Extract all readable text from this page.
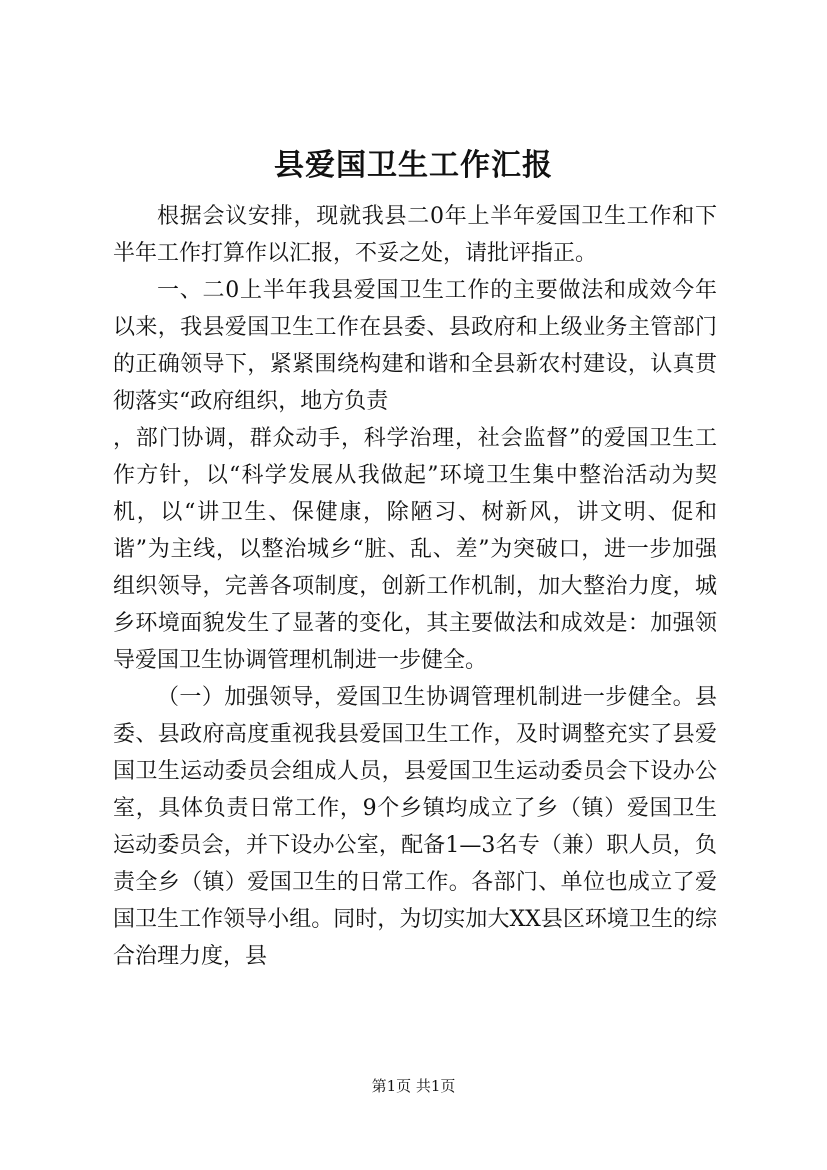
县爱国卫生工作汇报

根据会议安排，现就我县二0年上半年爱国卫生工作和下半年工作打算作以汇报，不妥之处，请批评指正。

一、二0上半年我县爱国卫生工作的主要做法和成效今年以来，我县爱国卫生工作在县委、县政府和上级业务主管部门的正确领导下，紧紧围绕构建和谐和全县新农村建设，认真贯彻落实“政府组织，地方负责

，部门协调，群众动手，科学治理，社会监督”的爱国卫生工作方针，以“科学发展从我做起”环境卫生集中整治活动为契机，以“讲卫生、保健康，除陋习、树新风，讲文明、促和谐”为主线，以整治城乡“脏、乱、差”为突破口，进一步加强组织领导，完善各项制度，创新工作机制，加大整治力度，城乡环境面貌发生了显著的变化，其主要做法和成效是：加强领导爱国卫生协调管理机制进一步健全。

（一）加强领导，爱国卫生协调管理机制进一步健全。县委、县政府高度重视我县爱国卫生工作，及时调整充实了县爱国卫生运动委员会组成人员，县爱国卫生运动委员会下设办公室，具体负责日常工作，9个乡镇均成立了乡（镇）爱国卫生运动委员会，并下设办公室，配备1—3名专（兼）职人员，负责全乡（镇）爱国卫生的日常工作。各部门、单位也成立了爱国卫生工作领导小组。同时，为切实加大XX县区环境卫生的综合治理力度，县

第1页 共1页
